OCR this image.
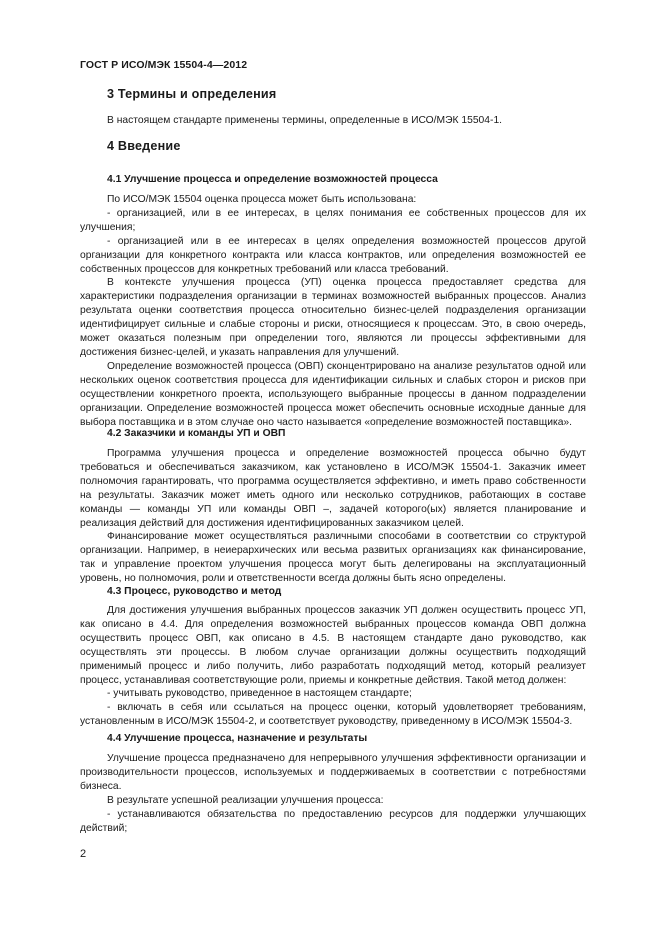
ГОСТ Р ИСО/МЭК 15504-4—2012
3 Термины и определения

В настоящем стандарте применены термины, определенные в ИСО/МЭК 15504-1.

4 Введение
4.1 Улучшение процесса и определение возможностей процесса

По ИСО/МЭК 15504 оценка процесса может быть использована:

- организацией, или в ее интересах, в целях понимания ее собственных процессов для их улучшения;

- организацией или в ее интересах в целях определения возможностей процессов другой организации для конкретного контракта или класса контрактов, или определения возможностей ее собственных процессов для конкретных требований или класса требований.

В контексте улучшения процесса (УП) оценка процесса предоставляет средства для характеристики подразделения организации в терминах возможностей выбранных процессов. Анализ результата оценки соответствия процесса относительно бизнес-целей подразделения организации идентифицирует сильные и слабые стороны и риски, относящиеся к процессам. Это, в свою очередь, может оказаться полезным при определении того, являются ли процессы эффективными для достижения бизнес-целей, и указать направления для улучшений.

Определение возможностей процесса (ОВП) сконцентрировано на анализе результатов одной или нескольких оценок соответствия процесса для идентификации сильных и слабых сторон и рисков при осуществлении конкретного проекта, использующего выбранные процессы в данном подразделении организации. Определение возможностей процесса может обеспечить основные исходные данные для выбора поставщика и в этом случае оно часто называется «определение возможностей поставщика».

4.2 Заказчики и команды УП и ОВП

Программа улучшения процесса и определение возможностей процесса обычно будут требоваться и обеспечиваться заказчиком, как установлено в ИСО/МЭК 15504-1. Заказчик имеет полномочия гарантировать, что программа осуществляется эффективно, и иметь право собственности на результаты. Заказчик может иметь одного или несколько сотрудников, работающих в составе команды — команды УП или команды ОВП –, задачей которого(ых) является планирование и реализация действий для достижения идентифицированных заказчиком целей.

Финансирование может осуществляться различными способами в соответствии со структурой организации. Например, в неиерархических или весьма развитых организациях как финансирование, так и управление проектом улучшения процесса могут быть делегированы на эксплуатационный уровень, но полномочия, роли и ответственности всегда должны быть ясно определены.

4.3 Процесс, руководство и метод

Для достижения улучшения выбранных процессов заказчик УП должен осуществить процесс УП, как описано в 4.4. Для определения возможностей выбранных процессов команда ОВП должна осуществить процесс ОВП, как описано в 4.5. В настоящем стандарте дано руководство, как осуществлять эти процессы. В любом случае организации должны осуществить подходящий применимый процесс и либо получить, либо разработать подходящий метод, который реализует процесс, устанавливая соответствующие роли, приемы и конкретные действия. Такой метод должен:

- учитывать руководство, приведенное в настоящем стандарте;

- включать в себя или ссылаться на процесс оценки, который удовлетворяет требованиям, установленным в ИСО/МЭК 15504-2, и соответствует руководству, приведенному в ИСО/МЭК 15504-3.

4.4 Улучшение процесса, назначение и результаты

Улучшение процесса предназначено для непрерывного улучшения эффективности организации и производительности процессов, используемых и поддерживаемых в соответствии с потребностями бизнеса.

В результате успешной реализации улучшения процесса:

- устанавливаются обязательства по предоставлению ресурсов для поддержки улучшающих действий;

2
